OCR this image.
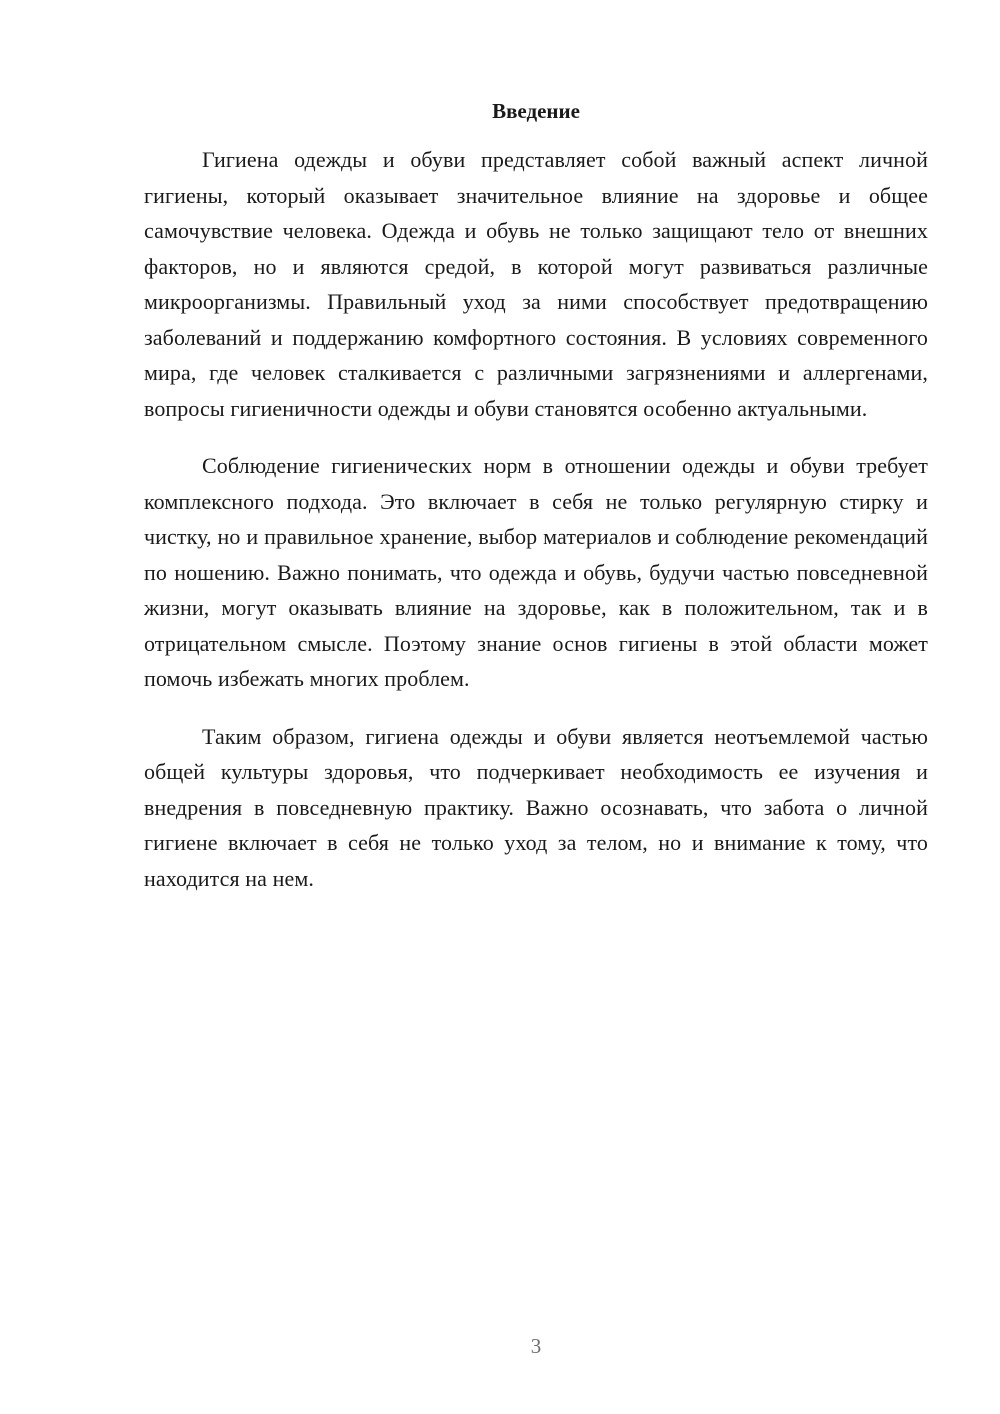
Введение

Гигиена одежды и обуви представляет собой важный аспект личной гигиены, который оказывает значительное влияние на здоровье и общее самочувствие человека. Одежда и обувь не только защищают тело от внешних факторов, но и являются средой, в которой могут развиваться различные микроорганизмы. Правильный уход за ними способствует предотвращению заболеваний и поддержанию комфортного состояния. В условиях современного мира, где человек сталкивается с различными загрязнениями и аллергенами, вопросы гигиеничности одежды и обуви становятся особенно актуальными.

Соблюдение гигиенических норм в отношении одежды и обуви требует комплексного подхода. Это включает в себя не только регулярную стирку и чистку, но и правильное хранение, выбор материалов и соблюдение рекомендаций по ношению. Важно понимать, что одежда и обувь, будучи частью повседневной жизни, могут оказывать влияние на здоровье, как в положительном, так и в отрицательном смысле. Поэтому знание основ гигиены в этой области может помочь избежать многих проблем.

Таким образом, гигиена одежды и обуви является неотъемлемой частью общей культуры здоровья, что подчеркивает необходимость ее изучения и внедрения в повседневную практику. Важно осознавать, что забота о личной гигиене включает в себя не только уход за телом, но и внимание к тому, что находится на нем.

3
